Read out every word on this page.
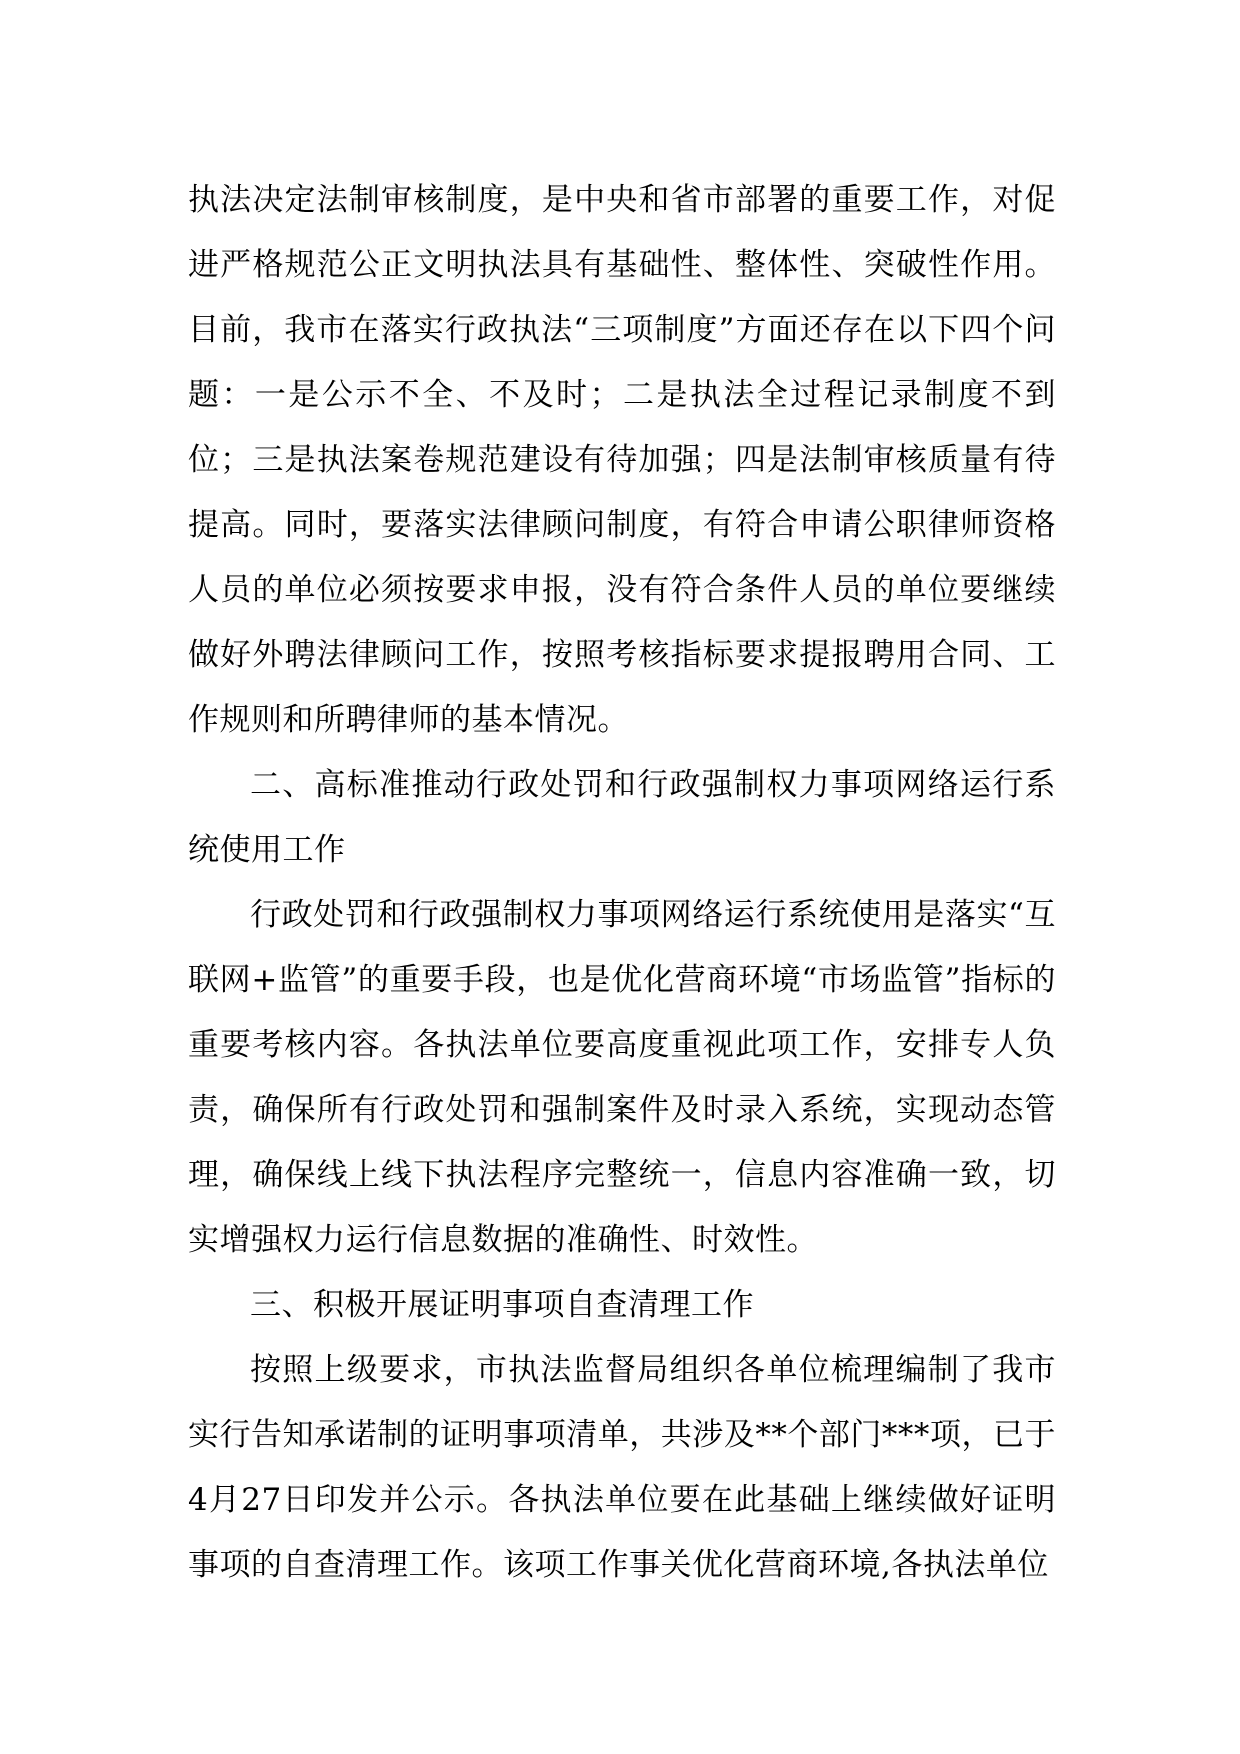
执法决定法制审核制度，是中央和省市部署的重要工作，对促进严格规范公正文明执法具有基础性、整体性、突破性作用。目前，我市在落实行政执法“三项制度”方面还存在以下四个问题：一是公示不全、不及时；二是执法全过程记录制度不到位；三是执法案卷规范建设有待加强；四是法制审核质量有待提高。同时，要落实法律顾问制度，有符合申请公职律师资格人员的单位必须按要求申报，没有符合条件人员的单位要继续做好外聘法律顾问工作，按照考核指标要求提报聘用合同、工作规则和所聘律师的基本情况。

二、高标准推动行政处罚和行政强制权力事项网络运行系统使用工作

行政处罚和行政强制权力事项网络运行系统使用是落实“互联网+监管”的重要手段，也是优化营商环境“市场监管”指标的重要考核内容。各执法单位要高度重视此项工作，安排专人负责，确保所有行政处罚和强制案件及时录入系统，实现动态管理，确保线上线下执法程序完整统一，信息内容准确一致，切实增强权力运行信息数据的准确性、时效性。

三、积极开展证明事项自查清理工作

按照上级要求，市执法监督局组织各单位梳理编制了我市实行告知承诺制的证明事项清单，共涉及**个部门***项，已于4月27日印发并公示。各执法单位要在此基础上继续做好证明事项的自查清理工作。该项工作事关优化营商环境,各执法单位
